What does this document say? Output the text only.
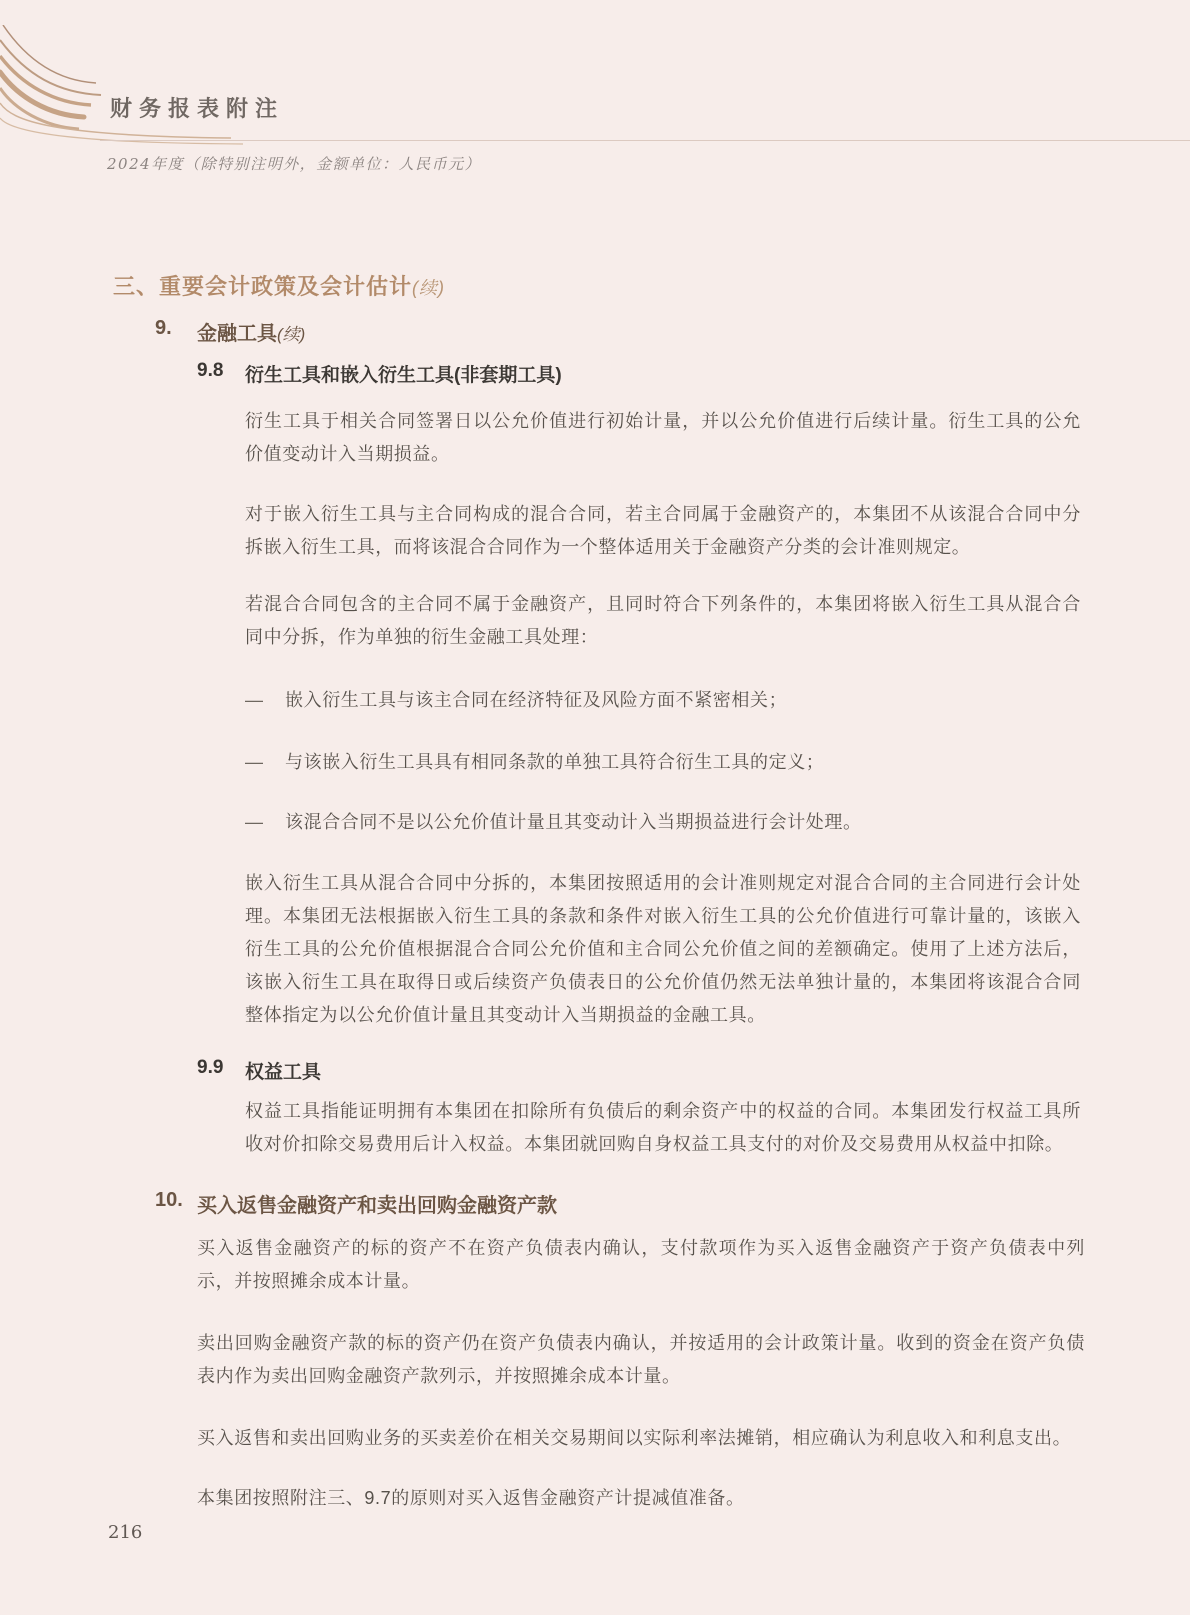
财务报表附注
2024年度（除特别注明外，金额单位：人民币元）
三、重要会计政策及会计估计(续)
9.	金融工具(续)
9.8	衍生工具和嵌入衍生工具(非套期工具)

衍生工具于相关合同签署日以公允价值进行初始计量，并以公允价值进行后续计量。衍生工具的公允价值变动计入当期损益。

对于嵌入衍生工具与主合同构成的混合合同，若主合同属于金融资产的，本集团不从该混合合同中分拆嵌入衍生工具，而将该混合合同作为一个整体适用关于金融资产分类的会计准则规定。

若混合合同包含的主合同不属于金融资产，且同时符合下列条件的，本集团将嵌入衍生工具从混合合同中分拆，作为单独的衍生金融工具处理：

—	嵌入衍生工具与该主合同在经济特征及风险方面不紧密相关；
—	与该嵌入衍生工具具有相同条款的单独工具符合衍生工具的定义；
—	该混合合同不是以公允价值计量且其变动计入当期损益进行会计处理。

嵌入衍生工具从混合合同中分拆的，本集团按照适用的会计准则规定对混合合同的主合同进行会计处理。本集团无法根据嵌入衍生工具的条款和条件对嵌入衍生工具的公允价值进行可靠计量的，该嵌入衍生工具的公允价值根据混合合同公允价值和主合同公允价值之间的差额确定。使用了上述方法后，该嵌入衍生工具在取得日或后续资产负债表日的公允价值仍然无法单独计量的，本集团将该混合合同整体指定为以公允价值计量且其变动计入当期损益的金融工具。

9.9	权益工具

权益工具指能证明拥有本集团在扣除所有负债后的剩余资产中的权益的合同。本集团发行权益工具所收对价扣除交易费用后计入权益。本集团就回购自身权益工具支付的对价及交易费用从权益中扣除。

10. 买入返售金融资产和卖出回购金融资产款

买入返售金融资产的标的资产不在资产负债表内确认，支付款项作为买入返售金融资产于资产负债表中列示，并按照摊余成本计量。

卖出回购金融资产款的标的资产仍在资产负债表内确认，并按适用的会计政策计量。收到的资金在资产负债表内作为卖出回购金融资产款列示，并按照摊余成本计量。

买入返售和卖出回购业务的买卖差价在相关交易期间以实际利率法摊销，相应确认为利息收入和利息支出。

本集团按照附注三、9.7的原则对买入返售金融资产计提减值准备。

216
